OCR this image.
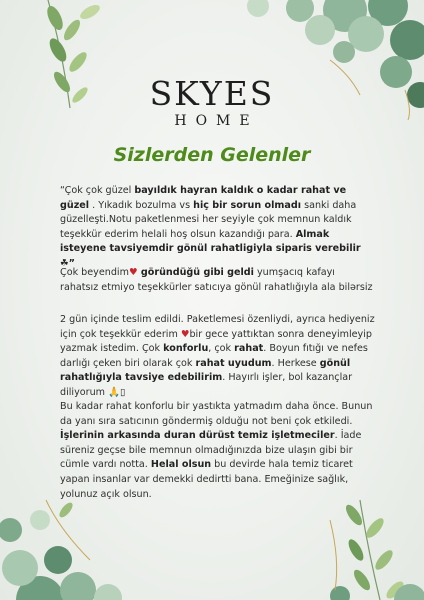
SKYES
HOME
Sizlerden Gelenler
“Çok çok güzel bayıldık hayran kaldık o kadar rahat ve güzel . Yıkadık bozulma vs hiç bir sorun olmadı sanki daha güzelleşti.Notu paketlenmesi her seyiyle çok memnun kaldık teşekkür ederim helali hoş olsun kazandığı para. Almak isteyene tavsiyemdir gönül rahatligiyla siparis verebilir ☘”
Çok beyendim♥ göründüğü gibi geldi yumşacıq kafayı rahatsız etmiyo teşekkürler satıcıya gönül rahatlığıyla ala bilərsiz
2 gün içinde teslim edildi. Paketlemesi özenliydi, ayrıca hediyeniz için çok teşekkür ederim ♥bir gece yattıktan sonra deneyimleyip yazmak istedim. Çok konforlu, çok rahat. Boyun fıtığı ve nefes darlığı çeken biri olarak çok rahat uyudum. Herkese gönül rahatlığıyla tavsiye edebilirim. Hayırlı işler, bol kazançlar diliyorum 🙏▯
Bu kadar rahat konforlu bir yastıkta yatmadım daha önce. Bunun da yanı sıra satıcının göndermiş olduğu not beni çok etkiledi. İşlerinin arkasında duran dürüst temiz işletmeciler. İade süreniz geçse bile memnun olmadığınızda bize ulaşın gibi bir cümle vardı notta. Helal olsun bu devirde hala temiz ticaret yapan insanlar var demekki dedirtti bana. Emeğinize sağlık, yolunuz açık olsun.
